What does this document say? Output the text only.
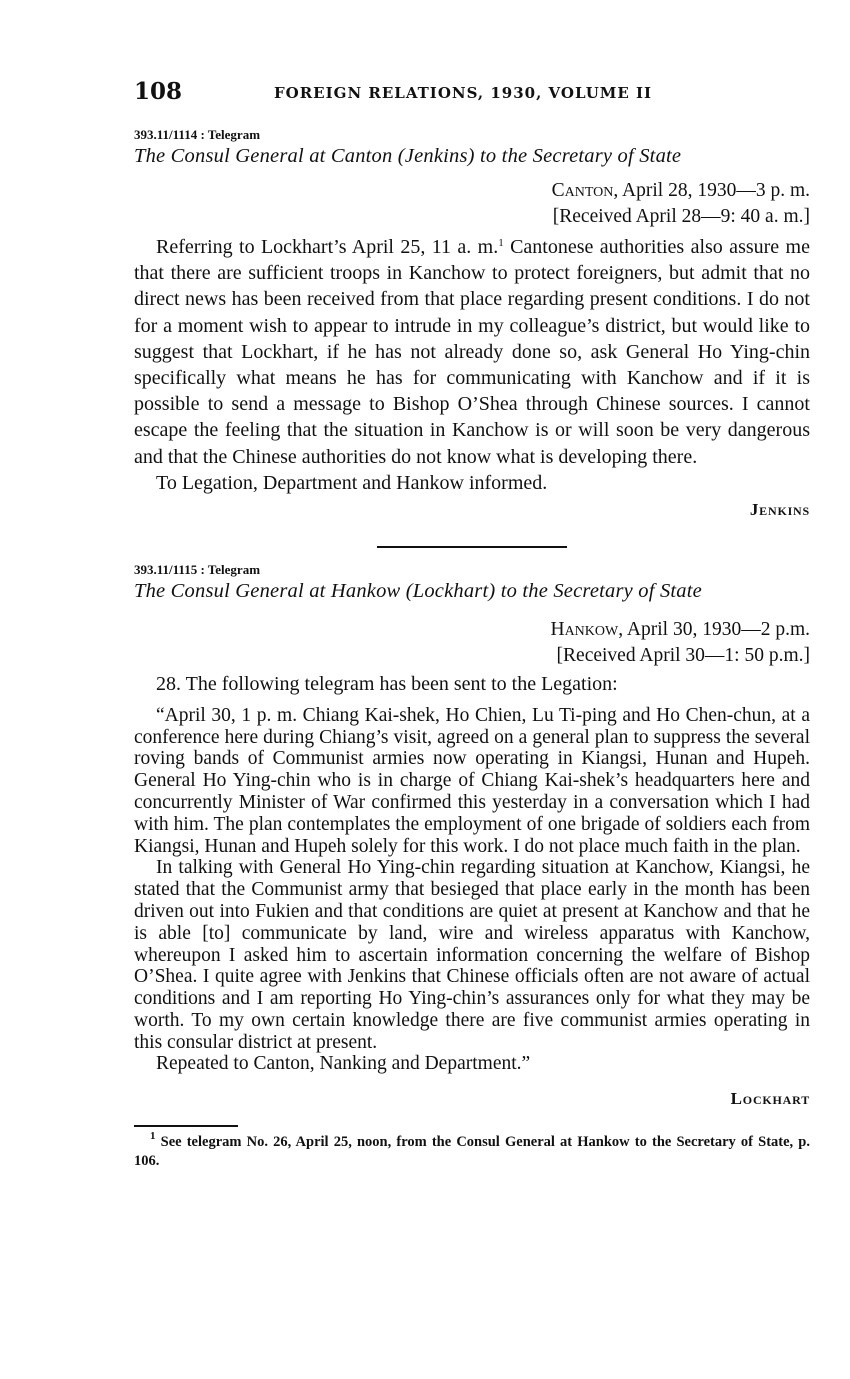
108	FOREIGN RELATIONS, 1930, VOLUME II

393.11/1114 : Telegram

The Consul General at Canton (Jenkins) to the Secretary of State

Canton, April 28, 1930—3 p. m.
[Received April 28—9: 40 a. m.]

Referring to Lockhart’s April 25, 11 a. m.$^1$ Cantonese authorities also assure me that there are sufficient troops in Kanchow to protect foreigners, but admit that no direct news has been received from that place regarding present conditions. I do not for a moment wish to appear to intrude in my colleague’s district, but would like to suggest that Lockhart, if he has not already done so, ask General Ho Ying-chin specifically what means he has for communicating with Kanchow and if it is possible to send a message to Bishop O’Shea through Chinese sources. I cannot escape the feeling that the situation in Kanchow is or will soon be very dangerous and that the Chinese authorities do not know what is developing there.

To Legation, Department and Hankow informed.

Jenkins

393.11/1115 : Telegram

The Consul General at Hankow (Lockhart) to the Secretary of State

Hankow, April 30, 1930—2 p.m.
[Received April 30—1: 50 p.m.]

28. The following telegram has been sent to the Legation:

“April 30, 1 p. m. Chiang Kai-shek, Ho Chien, Lu Ti-ping and Ho Chen-chun, at a conference here during Chiang’s visit, agreed on a general plan to suppress the several roving bands of Communist armies now operating in Kiangsi, Hunan and Hupeh. General Ho Ying-chin who is in charge of Chiang Kai-shek’s headquarters here and concurrently Minister of War confirmed this yesterday in a conversation which I had with him. The plan contemplates the employment of one brigade of soldiers each from Kiangsi, Hunan and Hupeh solely for this work. I do not place much faith in the plan.

In talking with General Ho Ying-chin regarding situation at Kanchow, Kiangsi, he stated that the Communist army that besieged that place early in the month has been driven out into Fukien and that conditions are quiet at present at Kanchow and that he is able [to] communicate by land, wire and wireless apparatus with Kanchow, whereupon I asked him to ascertain information concerning the welfare of Bishop O’Shea. I quite agree with Jenkins that Chinese officials often are not aware of actual conditions and I am reporting Ho Ying-chin’s assurances only for what they may be worth. To my own certain knowledge there are five communist armies operating in this consular district at present.

Repeated to Canton, Nanking and Department.”

Lockhart

$^1$ See telegram No. 26, April 25, noon, from the Consul General at Hankow to the Secretary of State, p. 106.
